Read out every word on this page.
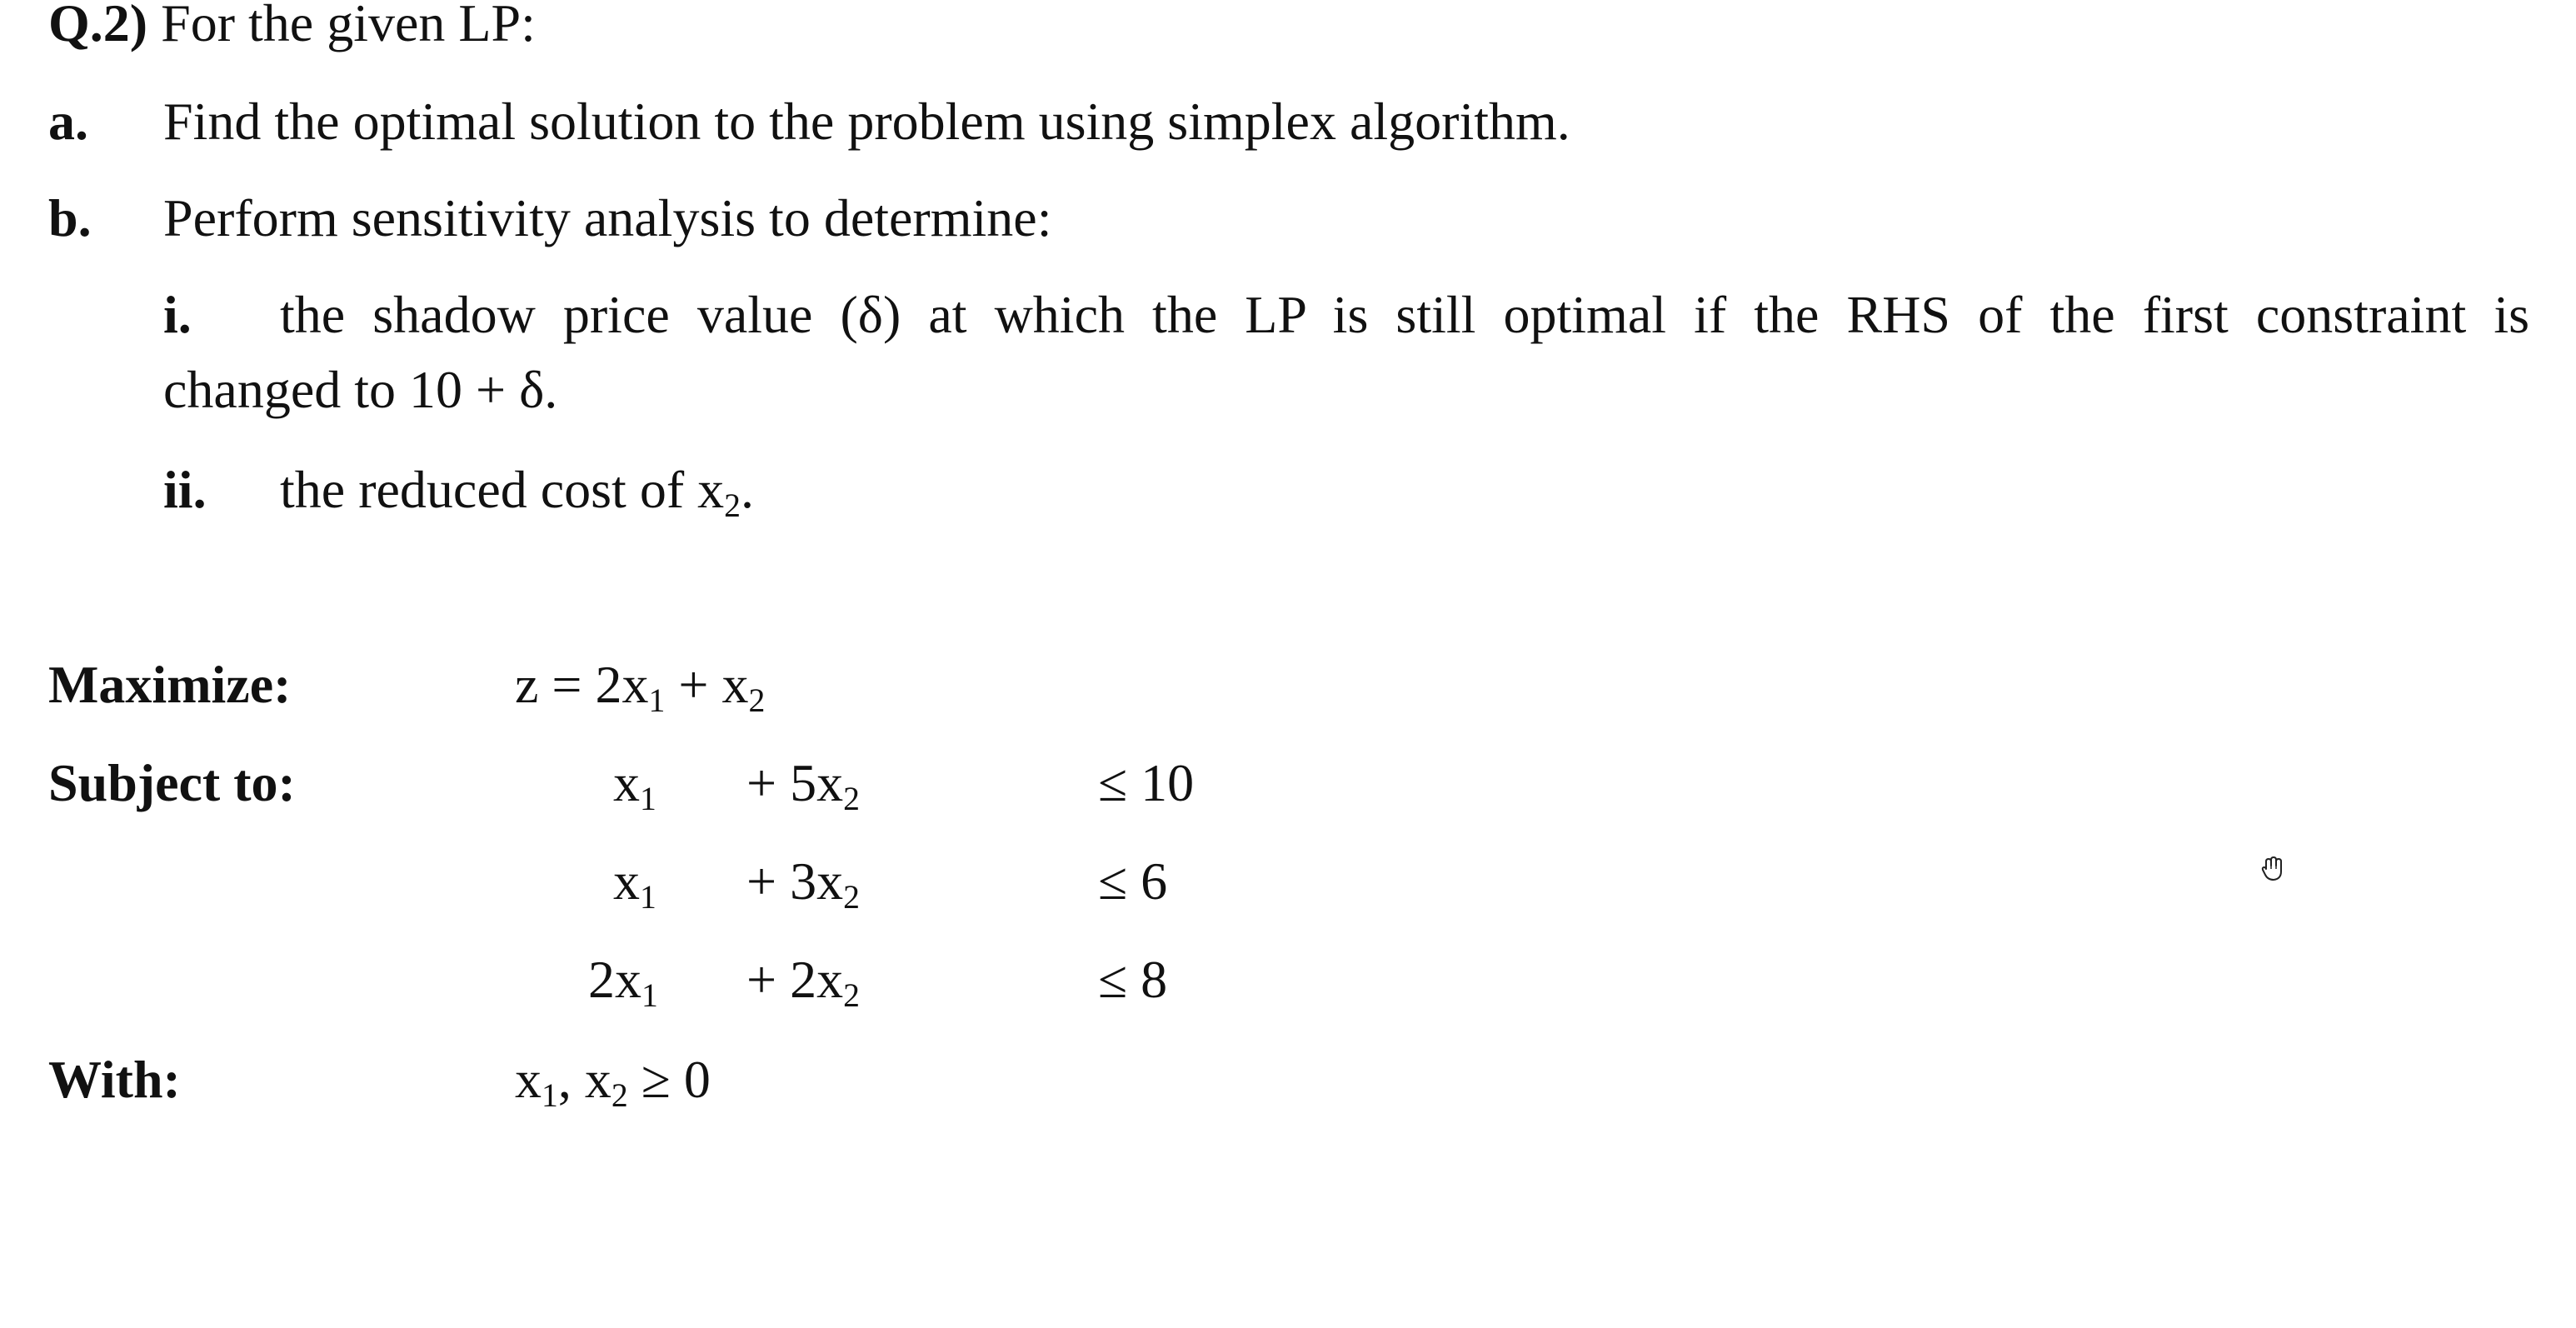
Q.2) For the given LP:
a. Find the optimal solution to the problem using simplex algorithm.
b. Perform sensitivity analysis to determine:
i. the shadow price value (δ) at which the LP is still optimal if the RHS of the first constraint is
changed to 10 + δ.
ii. the reduced cost of $x_2$.
Maximize:	$z = 2x_1 + x_2$
Subject to:	$x_1 + 5x_2$	≤ 10
$x_1 + 3x_2$	≤ 6
$2x_1 + 2x_2$	≤ 8
With:	$x_1$, $x_2 \ge 0$
